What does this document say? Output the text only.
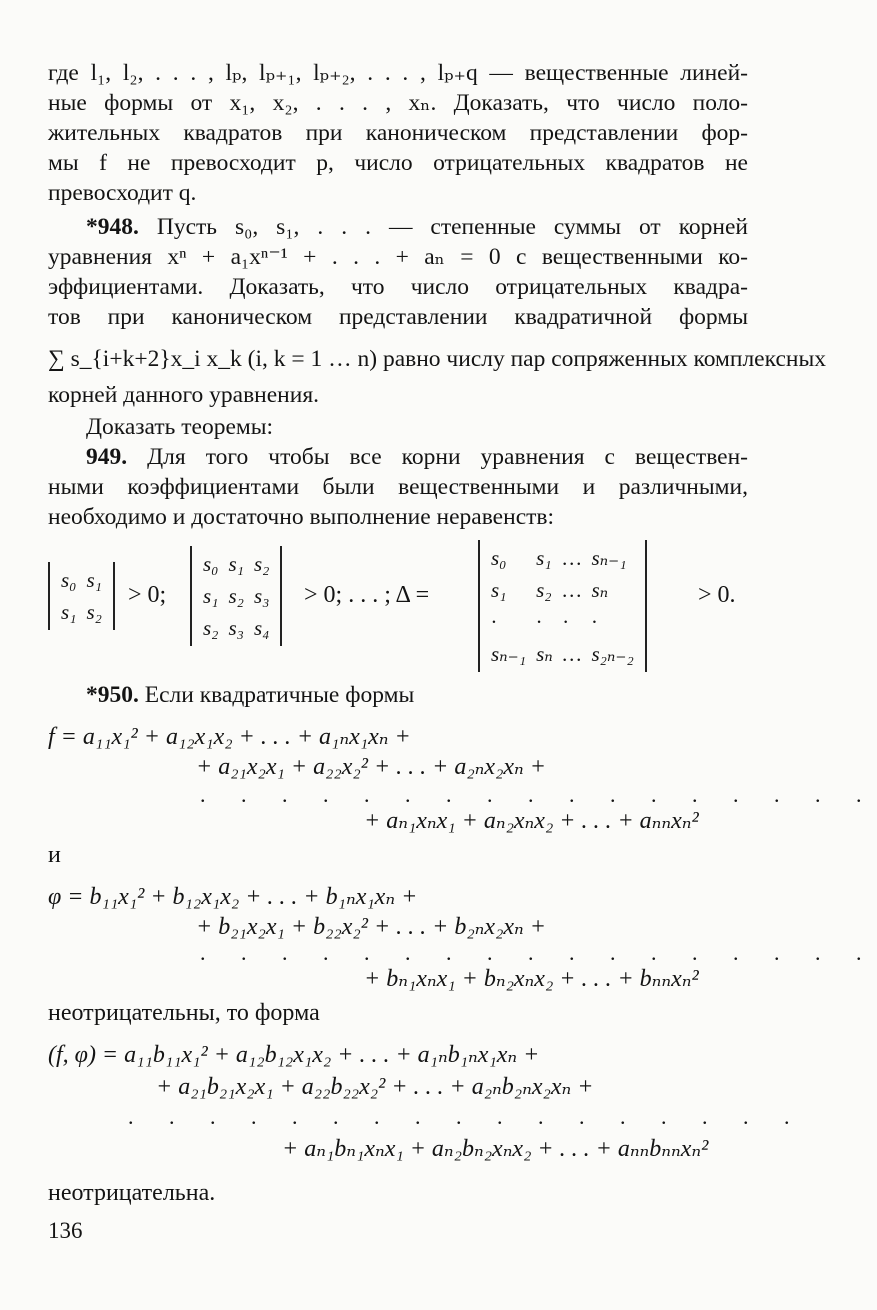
где l₁, l₂, . . . , lₚ, lₚ₊₁, lₚ₊₂, . . . , lₚ₊q — вещественные линей-
ные формы от x₁, x₂, . . . , xₙ. Доказать, что число поло-
жительных квадратов при каноническом представлении фор-
мы f не превосходит p, число отрицательных квадратов не
превосходит q.
*948. Пусть s₀, s₁, . . . — степенные суммы от корней
уравнения xⁿ + a₁xⁿ⁻¹ + . . . + aₙ = 0 с вещественными ко-
эффициентами. Доказать, что число отрицательных квадра-
тов при каноническом представлении квадратичной формы
∑ s_{i+k+2}x_i x_k (i, k = 1 … n) равно числу пар сопряженных комплексных
корней данного уравнения.
Доказать теоремы:
949. Для того чтобы все корни уравнения с веществен-
ными коэффициентами были вещественными и различными,
необходимо и достаточно выполнение неравенств:
s₀	s₁
s₁	s₂
> 0;
s₀	s₁	s₂
s₁	s₂	s₃
s₂	s₃	s₄
> 0; . . . ; Δ =
s₀	s₁	…	sₙ₋₁
s₁	s₂	…	sₙ
·	·	·	·
sₙ₋₁	sₙ	…	s₂ₙ₋₂
> 0.
*950. Если квадратичные формы
f = a₁₁x₁² + a₁₂x₁x₂ + . . . + a₁ₙx₁xₙ +
+ a₂₁x₂x₁ + a₂₂x₂² + . . . + a₂ₙx₂xₙ +
. . . . . . . . . . . . . . . . .
+ aₙ₁xₙx₁ + aₙ₂xₙx₂ + . . . + aₙₙxₙ²
и
φ = b₁₁x₁² + b₁₂x₁x₂ + . . . + b₁ₙx₁xₙ +
+ b₂₁x₂x₁ + b₂₂x₂² + . . . + b₂ₙx₂xₙ +
. . . . . . . . . . . . . . . . .
+ bₙ₁xₙx₁ + bₙ₂xₙx₂ + . . . + bₙₙxₙ²
неотрицательны, то форма
(f, φ) = a₁₁b₁₁x₁² + a₁₂b₁₂x₁x₂ + . . . + a₁ₙb₁ₙx₁xₙ +
+ a₂₁b₂₁x₂x₁ + a₂₂b₂₂x₂² + . . . + a₂ₙb₂ₙx₂xₙ +
. . . . . . . . . . . . . . . . .
+ aₙ₁bₙ₁xₙx₁ + aₙ₂bₙ₂xₙx₂ + . . . + aₙₙbₙₙxₙ²
неотрицательна.
136
